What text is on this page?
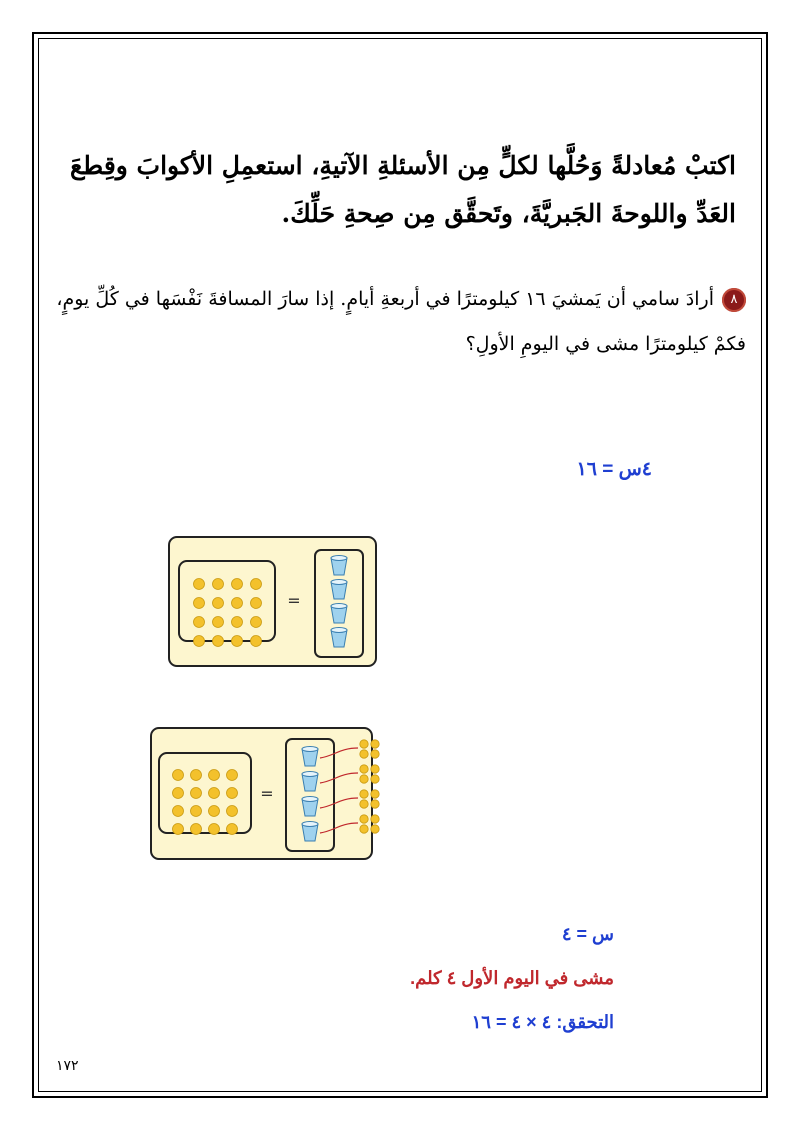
اكتبْ مُعادلةً وَحُلَّها لكلٍّ مِن الأسئلةِ الآتيةِ، استعمِلِ الأكوابَ وقِطعَ العَدِّ واللوحةَ الجَبريَّةَ، وتَحقَّق مِن صِحةِ حَلِّكَ.

٨أرادَ سامي أن يَمشيَ ١٦ كيلومترًا في أربعةِ أيامٍ. إذا سارَ المسافةَ نَفْسَها في كُلِّ يومٍ، فكمْ كيلومترًا مشى في اليومِ الأولِ؟
٤س = ١٦
=
=
س = ٤
مشى في اليوم الأول ٤ كلم.
التحقق: ٤ × ٤ = ١٦
١٧٢
